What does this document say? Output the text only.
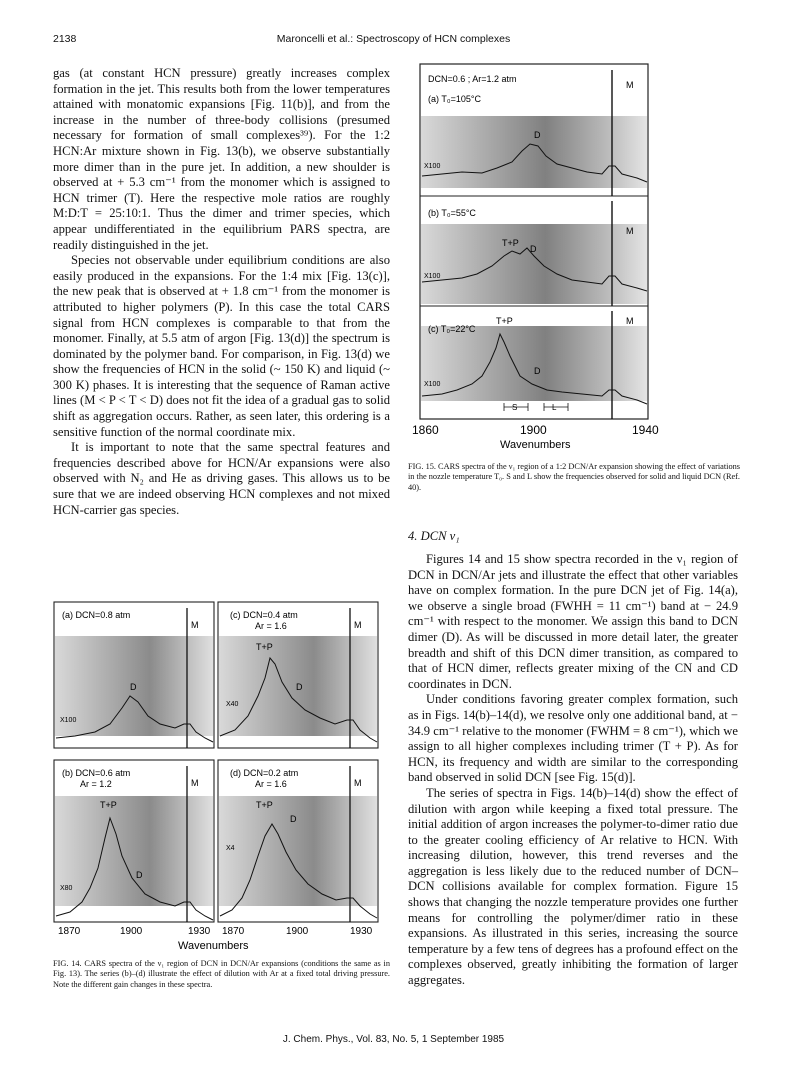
2138	Maroncelli et al.: Spectroscopy of HCN complexes

gas (at constant HCN pressure) greatly increases complex formation in the jet. This results both from the lower temperatures attained with monatomic expansions [Fig. 11(b)], and from the increase in the number of three-body collisions (presumed necessary for formation of small complexes³⁹). For the 1:2 HCN:Ar mixture shown in Fig. 13(b), we observe substantially more dimer than in the pure jet. In addition, a new shoulder is observed at + 5.3 cm⁻¹ from the monomer which is assigned to HCN trimer (T). Here the respective mole ratios are roughly M:D:T = 25:10:1. Thus the dimer and trimer species, which appear undifferentiated in the equilibrium PARS spectra, are readily distinguished in the jet.

Species not observable under equilibrium conditions are also easily produced in the expansions. For the 1:4 mix [Fig. 13(c)], the new peak that is observed at + 1.8 cm⁻¹ from the monomer is attributed to higher polymers (P). In this case the total CARS signal from HCN complexes is comparable to that from the monomer. Finally, at 5.5 atm of argon [Fig. 13(d)] the spectrum is dominated by the polymer band. For comparison, in Fig. 13(d) we show the frequencies of HCN in the solid (~ 150 K) and liquid (~ 300 K) phases. It is interesting that the sequence of Raman active lines (M < P < T < D) does not fit the idea of a gradual gas to solid shift as aggregation occurs. Rather, as seen later, this ordering is a sensitive function of the normal coordinate mix.

It is important to note that the same spectral features and frequencies described above for HCN/Ar expansions were also observed with N₂ and He as driving gases. This allows us to be sure that we are indeed observing HCN complexes and not mixed HCN-carrier gas species.

DCN=0.6 ; Ar=1.2 atm
(a) T₀=105°C
M
D
X100
(b) T₀=55°C
M
T+P
D
X100
(c) T₀=22°C
M
T+P
D
X100
S	L
1860	1900	1940
Wavenumbers
FIG. 15. CARS spectra of the ν₁ region of a 1:2 DCN/Ar expansion showing the effect of variations in the nozzle temperature T₀. S and L show the frequencies observed for solid and liquid DCN (Ref. 40).
4. DCN ν₁

Figures 14 and 15 show spectra recorded in the ν₁ region of DCN in DCN/Ar jets and illustrate the effect that other variables have on complex formation. In the pure DCN jet of Fig. 14(a), we observe a single broad (FWHH = 11 cm⁻¹) band at − 24.9 cm⁻¹ with respect to the monomer. We assign this band to DCN dimer (D). As will be discussed in more detail later, the greater breadth and shift of this DCN dimer transition, as compared to that of HCN dimer, reflects greater mixing of the CN and CD coordinates in DCN.

Under conditions favoring greater complex formation, such as in Figs. 14(b)–14(d), we resolve only one additional band, at − 34.9 cm⁻¹ relative to the monomer (FWHM = 8 cm⁻¹), which we assign to all higher complexes including trimer (T + P). As for HCN, its frequency and width are similar to the corresponding band observed in solid DCN [see Fig. 15(d)].

The series of spectra in Figs. 14(b)–14(d) show the effect of dilution with argon while keeping a fixed total pressure. The initial addition of argon increases the polymer-to-dimer ratio due to the greater cooling efficiency of Ar relative to HCN. With increasing dilution, however, this trend reverses and the aggregation is less likely due to the reduced number of DCN–DCN collisions available for complex formation. Figure 15 shows that changing the nozzle temperature provides one further means for controlling the polymer/dimer ratio in these expansions. As illustrated in this series, increasing the source temperature by a few tens of degrees has a profound effect on the complexes observed, greatly inhibiting the formation of larger aggregates.

(a) DCN=0.8 atm
M
D
X100
(c) DCN=0.4 atm
Ar = 1.6	M
T+P
D
X40
(b) DCN=0.6 atm
Ar = 1.2	M
T+P
D
X80
(d) DCN=0.2 atm
Ar = 1.6	M
T+P
D
X4
1870	1900	1930 1870	1900	1930
Wavenumbers
FIG. 14. CARS spectra of the ν₁ region of DCN in DCN/Ar expansions (conditions the same as in Fig. 13). The series (b)–(d) illustrate the effect of dilution with Ar at a fixed total driving pressure. Note the different gain changes in these spectra.
J. Chem. Phys., Vol. 83, No. 5, 1 September 1985
